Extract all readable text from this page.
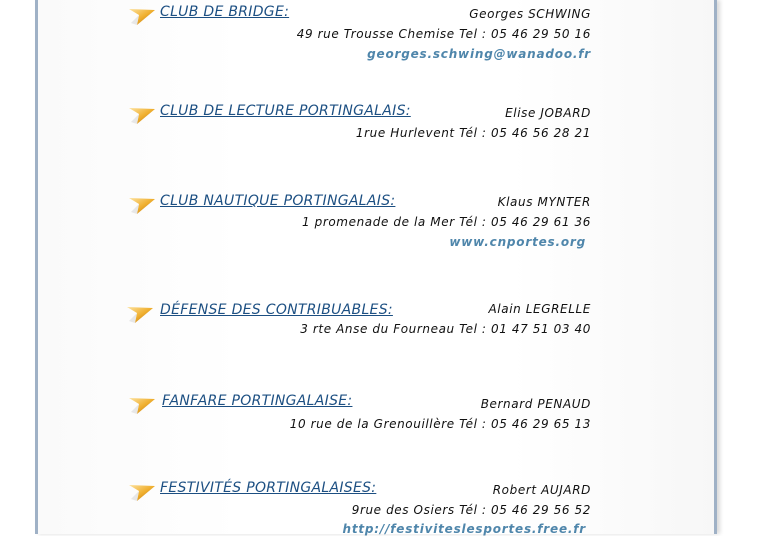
CLUB DE BRIDGE:	Georges SCHWING
49 rue Trousse Chemise Tel : 05 46 29 50 16
georges.schwing@wanadoo.fr
CLUB DE LECTURE PORTINGALAIS:	Elise JOBARD
1rue Hurlevent Tél : 05 46 56 28 21
CLUB NAUTIQUE PORTINGALAIS:	Klaus MYNTER
1 promenade de la Mer Tél : 05 46 29 61 36
www.cnportes.org
DÉFENSE DES CONTRIBUABLES:	Alain LEGRELLE
3 rte Anse du Fourneau Tel : 01 47 51 03 40
FANFARE PORTINGALAISE:	Bernard PENAUD
10 rue de la Grenouillère Tél : 05 46 29 65 13
FESTIVITÉS PORTINGALAISES:	Robert AUJARD
9rue des Osiers Tél : 05 46 29 56 52
http://festiviteslesportes.free.fr
